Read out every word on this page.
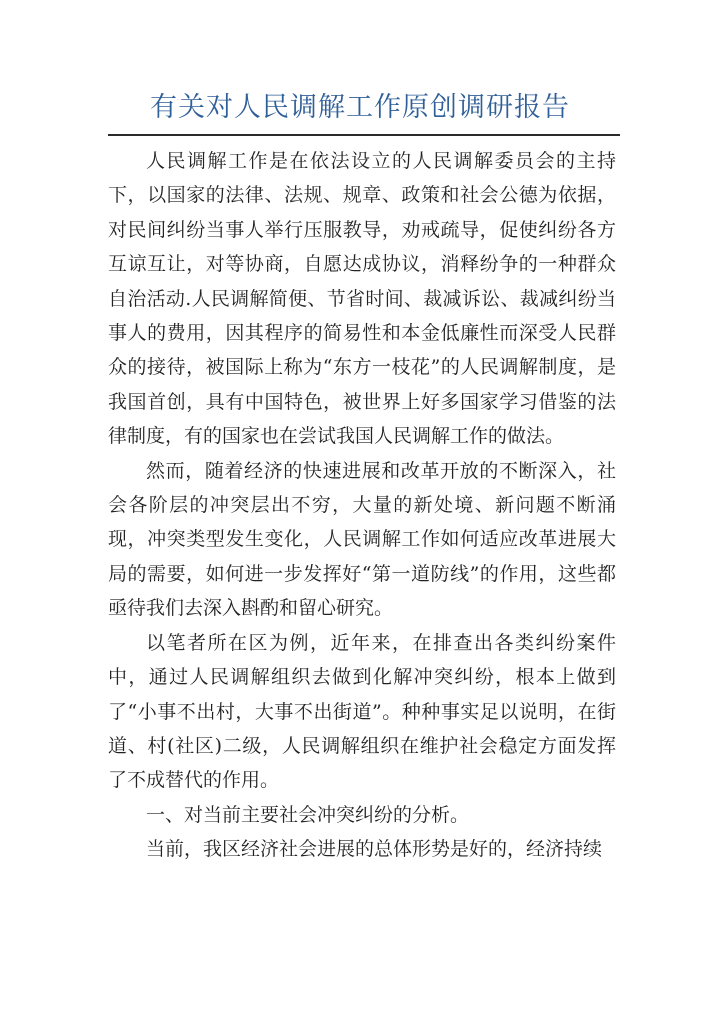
有关对人民调解工作原创调研报告

人民调解工作是在依法设立的人民调解委员会的主持下，以国家的法律、法规、规章、政策和社会公德为依据，对民间纠纷当事人举行压服教导，劝戒疏导，促使纠纷各方互谅互让，对等协商，自愿达成协议，消释纷争的一种群众自治活动.人民调解简便、节省时间、裁减诉讼、裁减纠纷当事人的费用，因其程序的简易性和本金低廉性而深受人民群众的接待，被国际上称为“东方一枝花”的人民调解制度，是我国首创，具有中国特色，被世界上好多国家学习借鉴的法律制度，有的国家也在尝试我国人民调解工作的做法。

然而，随着经济的快速进展和改革开放的不断深入，社会各阶层的冲突层出不穷，大量的新处境、新问题不断涌现，冲突类型发生变化，人民调解工作如何适应改革进展大局的需要，如何进一步发挥好“第一道防线”的作用，这些都亟待我们去深入斟酌和留心研究。

以笔者所在区为例，近年来，在排查出各类纠纷案件中，通过人民调解组织去做到化解冲突纠纷，根本上做到了“小事不出村，大事不出街道”。种种事实足以说明，在街道、村(社区)二级，人民调解组织在维护社会稳定方面发挥了不成替代的作用。

一、对当前主要社会冲突纠纷的分析。

当前，我区经济社会进展的总体形势是好的，经济持续
